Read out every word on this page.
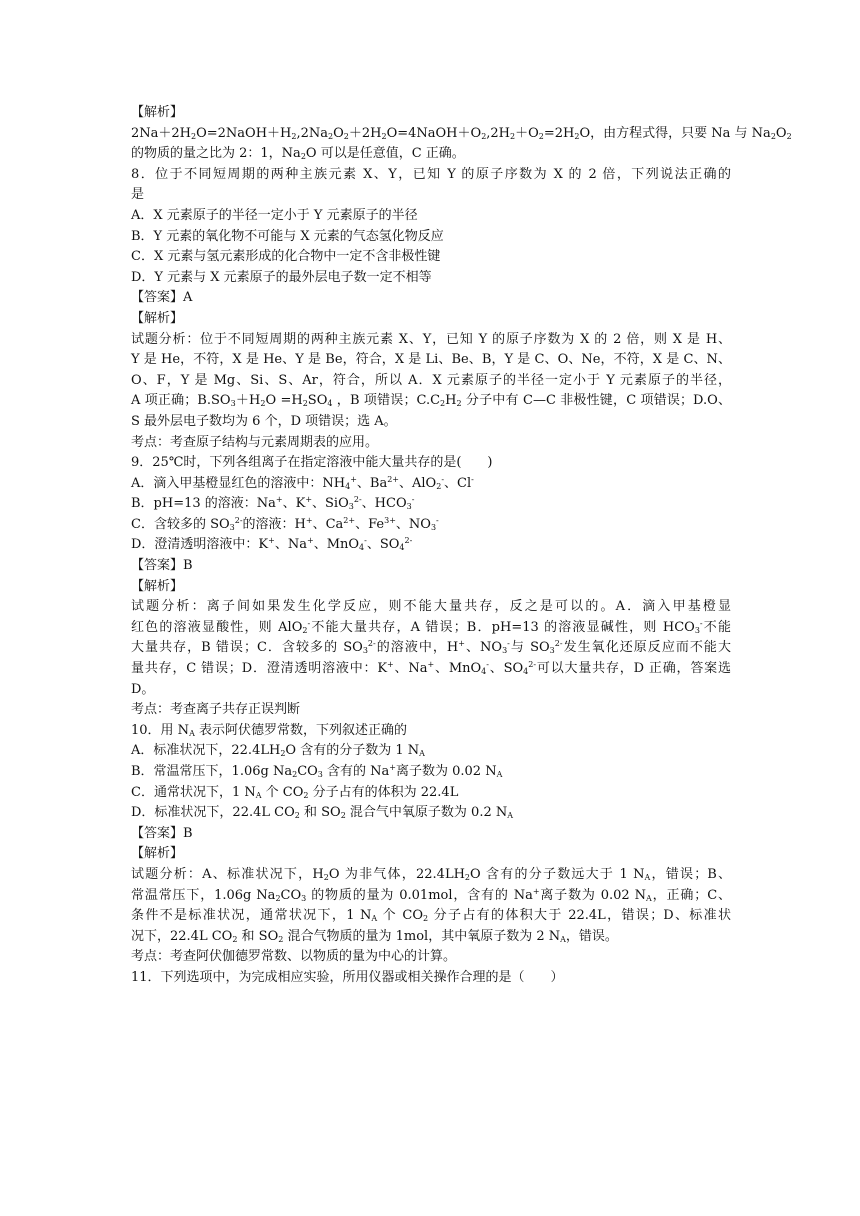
【解析】
$2Na+2H_2O=2NaOH+H_2,2Na_2O_2+2H_2O=4NaOH+O_2,2H_2+O_2=2H_2O$，由方程式得，只要 Na 与 $Na_2O_2$
的物质的量之比为 2：1，$Na_2O$ 可以是任意值，C 正确。
8．位于不同短周期的两种主族元素 X、Y，已知 Y 的原子序数为 X 的 2 倍，下列说法正确的
是
A．X 元素原子的半径一定小于 Y 元素原子的半径
B．Y 元素的氧化物不可能与 X 元素的气态氢化物反应
C．X 元素与氢元素形成的化合物中一定不含非极性键
D．Y 元素与 X 元素原子的最外层电子数一定不相等
【答案】A
【解析】
试题分析：位于不同短周期的两种主族元素 X、Y，已知 Y 的原子序数为 X 的 2 倍，则 X 是 H、
Y 是 He，不符，X 是 He、Y 是 Be，符合，X 是 Li、Be、B，Y 是 C、O、Ne，不符，X 是 C、N、
O、F，Y 是 Mg、Si、S、Ar，符合，所以 A．X 元素原子的半径一定小于 Y 元素原子的半径，
A 项正确；$B.SO_3+H_2O =H_2SO_4$ ，B 项错误；$C.C_2H_2$ 分子中有 C—C 非极性键，C 项错误；D.O、
S 最外层电子数均为 6 个，D 项错误；选 A。
考点：考查原子结构与元素周期表的应用。
9．25℃时，下列各组离子在指定溶液中能大量共存的是(　　)
A．滴入甲基橙显红色的溶液中：$NH_4^+$、$Ba^{2+}$、AlO$_2$-、Cl-
B．pH=13 的溶液：Na+、K+、SiO$_3^{2-}$、$HCO_3^-$
C．含较多的 $SO_3^{2-}$的溶液：H+、$Ca^{2+}$、$Fe^{3+}$、$NO_3^-$
D．澄清透明溶液中：K+、Na+、MnO$_4$-、$SO_4^{2-}$
【答案】B
【解析】
试题分析：离子间如果发生化学反应，则不能大量共存，反之是可以的。A．滴入甲基橙显
红色的溶液显酸性，则 AlO$_2$-不能大量共存，A 错误；B．pH=13 的溶液显碱性，则 $HCO_3^-$不能
大量共存，B 错误；C．含较多的 $SO_3^{2-}$的溶液中，H+、$NO_3^-$与 $SO_3^{2-}$发生氧化还原反应而不能大
量共存，C 错误；D．澄清透明溶液中：K+、Na+、MnO$_4$-、$SO_4^{2-}$可以大量共存，D 正确，答案选
D。
考点：考查离子共存正误判断
10．用 $N_A$ 表示阿伏德罗常数，下列叙述正确的
A．标准状况下，$22.4LH_2O$ 含有的分子数为 1 $N_A$
B．常温常压下，1.06g $Na_2CO_3$ 含有的 Na+离子数为 0.02 $N_A$
C．通常状况下，1 $N_A$ 个 $CO_2$ 分子占有的体积为 22.4L
D．标准状况下，22.4L $CO_2$ 和 $SO_2$ 混合气中氧原子数为 0.2 $N_A$
【答案】B
【解析】
试题分析：A、标准状况下，$H_2O$ 为非气体，$22.4LH_2O$ 含有的分子数远大于 1 $N_A$，错误；B、
常温常压下，1.06g $Na_2CO_3$ 的物质的量为 0.01mol，含有的 Na+离子数为 0.02 $N_A$，正确；C、
条件不是标准状况，通常状况下，1 $N_A$ 个 $CO_2$ 分子占有的体积大于 22.4L，错误；D、标准状
况下，22.4L $CO_2$ 和 $SO_2$ 混合气物质的量为 1mol，其中氧原子数为 2 $N_A$，错误。
考点：考查阿伏伽德罗常数、以物质的量为中心的计算。
11．下列选项中，为完成相应实验，所用仪器或相关操作合理的是（　　）
